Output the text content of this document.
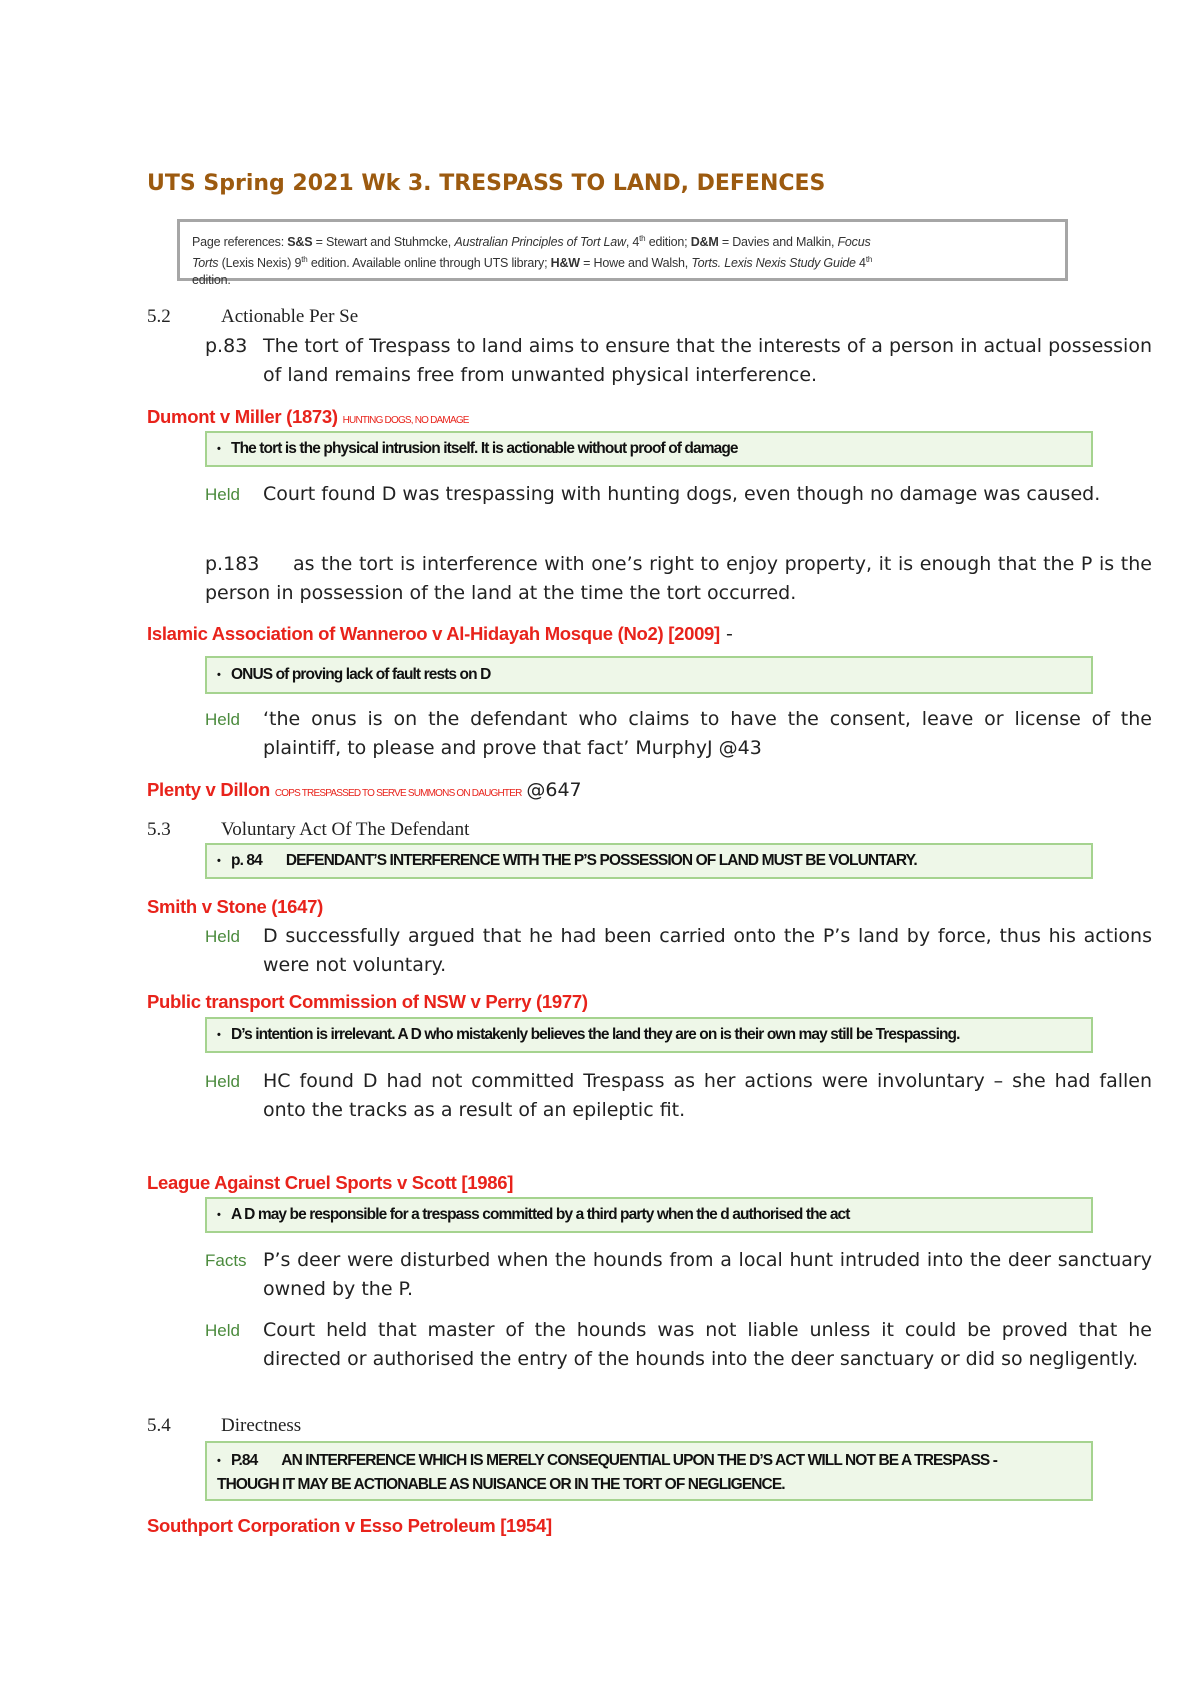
UTS Spring 2021 Wk 3. TRESPASS TO LAND, DEFENCES
Page references: S&S = Stewart and Stuhmcke, Australian Principles of Tort Law, 4th edition; D&M = Davies and Malkin, Focus
Torts (Lexis Nexis) 9th edition. Available online through UTS library; H&W = Howe and Walsh, Torts. Lexis Nexis Study Guide 4th
edition.
5.2	Actionable Per Se
p.83 The tort of Trespass to land aims to ensure that the interests of a person in actual possession of land remains free from unwanted physical interference.
Dumont v Miller (1873) HUNTING DOGS, NO DAMAGE
• The tort is the physical intrusion itself. It is actionable without proof of damage
Held Court found D was trespassing with hunting dogs, even though no damage was caused.
p.183	as the tort is interference with one’s right to enjoy property, it is enough that the P is the person in possession of the land at the time the tort occurred.
Islamic Association of Wanneroo v Al-Hidayah Mosque (No2) [2009] -
• ONUS of proving lack of fault rests on D
Held ‘the onus is on the defendant who claims to have the consent, leave or license of the plaintiff, to please and prove that fact’ MurphyJ @43
Plenty v Dillon COPS TRESPASSED TO SERVE SUMMONS ON DAUGHTER @647
5.3	Voluntary Act Of The Defendant
• p. 84 DEFENDANT’S INTERFERENCE WITH THE P’S POSSESSION OF LAND MUST BE VOLUNTARY.
Smith v Stone (1647)
Held D successfully argued that he had been carried onto the P’s land by force, thus his actions were not voluntary.
Public transport Commission of NSW v Perry (1977)
• D’s intention is irrelevant. A D who mistakenly believes the land they are on is their own may still be Trespassing.
Held HC found D had not committed Trespass as her actions were involuntary – she had fallen onto the tracks as a result of an epileptic fit.
League Against Cruel Sports v Scott [1986]
• A D may be responsible for a trespass committed by a third party when the d authorised the act
Facts P’s deer were disturbed when the hounds from a local hunt intruded into the deer sanctuary owned by the P.
Held Court held that master of the hounds was not liable unless it could be proved that he directed or authorised the entry of the hounds into the deer sanctuary or did so negligently.
5.4	Directness
• P.84 AN INTERFERENCE WHICH IS MERELY CONSEQUENTIAL UPON THE D’S ACT WILL NOT BE A TRESPASS -
THOUGH IT MAY BE ACTIONABLE AS NUISANCE OR IN THE TORT OF NEGLIGENCE.
Southport Corporation v Esso Petroleum [1954]
